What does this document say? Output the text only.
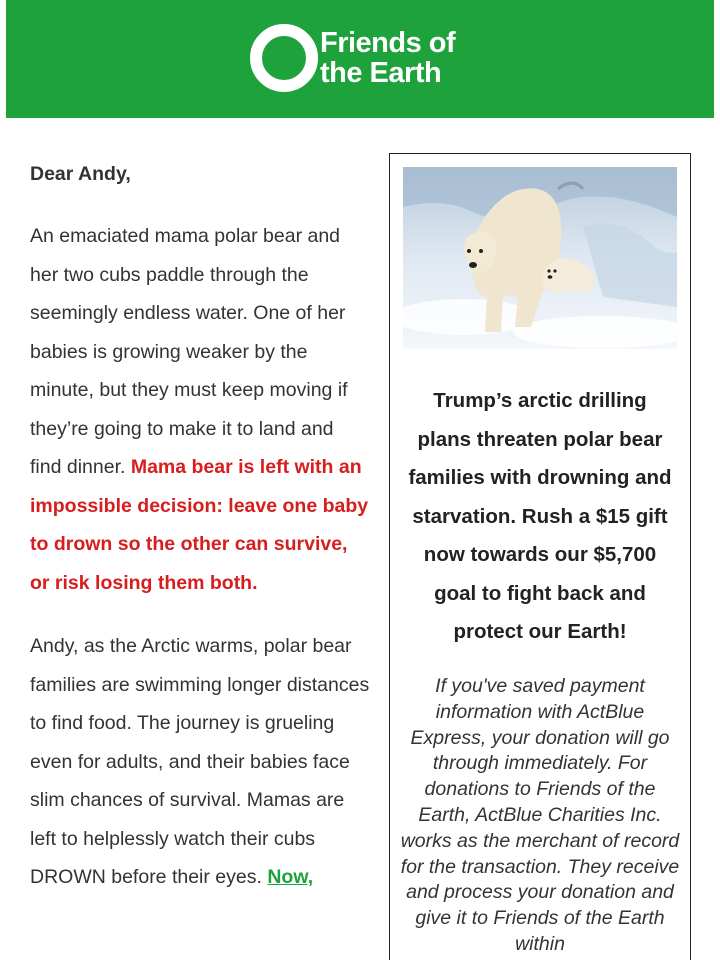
Friends of
the Earth
Dear Andy,

An emaciated mama polar bear and her two cubs paddle through the seemingly endless water. One of her babies is growing weaker by the minute, but they must keep moving if they’re going to make it to land and find dinner. Mama bear is left with an impossible decision: leave one baby to drown so the other can survive, or risk losing them both.

Andy, as the Arctic warms, polar bear families are swimming longer distances to find food. The journey is grueling even for adults, and their babies face slim chances of survival. Mamas are left to helplessly watch their cubs DROWN before their eyes. Now,

Trump’s arctic drilling plans threaten polar bear families with drowning and starvation. Rush a $15 gift now towards our $5,700 goal to fight back and protect our Earth!
If you've saved payment information with ActBlue Express, your donation will go through immediately. For donations to Friends of the Earth, ActBlue Charities Inc. works as the merchant of record for the transaction. They receive and process your donation and give it to Friends of the Earth within
